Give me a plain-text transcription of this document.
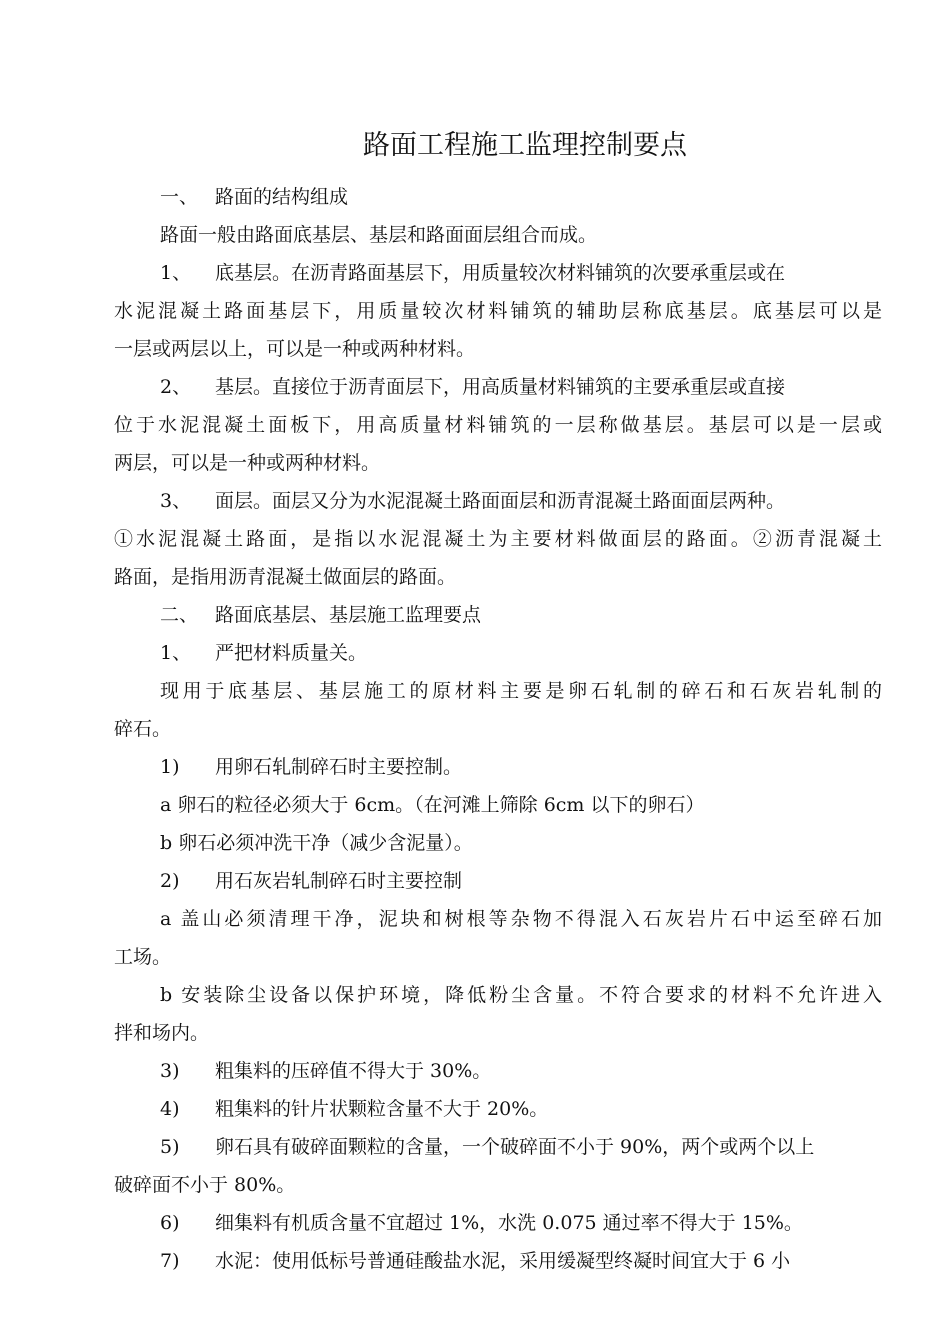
路面工程施工监理控制要点
一、 路面的结构组成
路面一般由路面底基层、基层和路面面层组合而成。
1、 底基层。在沥青路面基层下，用质量较次材料铺筑的次要承重层或在
水泥混凝土路面基层下，用质量较次材料铺筑的辅助层称底基层。底基层可以是
一层或两层以上，可以是一种或两种材料。
2、 基层。直接位于沥青面层下，用高质量材料铺筑的主要承重层或直接
位于水泥混凝土面板下，用高质量材料铺筑的一层称做基层。基层可以是一层或
两层，可以是一种或两种材料。
3、 面层。面层又分为水泥混凝土路面面层和沥青混凝土路面面层两种。
①水泥混凝土路面，是指以水泥混凝土为主要材料做面层的路面。②沥青混凝土
路面，是指用沥青混凝土做面层的路面。
二、 路面底基层、基层施工监理要点
1、 严把材料质量关。
现用于底基层、基层施工的原材料主要是卵石轧制的碎石和石灰岩轧制的
碎石。
1) 用卵石轧制碎石时主要控制。
a 卵石的粒径必须大于 6cm。（在河滩上筛除 6cm 以下的卵石）
b 卵石必须冲洗干净（减少含泥量）。
2) 用石灰岩轧制碎石时主要控制
a 盖山必须清理干净，泥块和树根等杂物不得混入石灰岩片石中运至碎石加
工场。
b 安装除尘设备以保护环境，降低粉尘含量。不符合要求的材料不允许进入
拌和场内。
3) 粗集料的压碎值不得大于 30%。
4) 粗集料的针片状颗粒含量不大于 20%。
5) 卵石具有破碎面颗粒的含量，一个破碎面不小于 90%，两个或两个以上
破碎面不小于 80%。
6) 细集料有机质含量不宜超过 1%，水洗 0.075 通过率不得大于 15%。
7) 水泥：使用低标号普通硅酸盐水泥，采用缓凝型终凝时间宜大于 6 小
